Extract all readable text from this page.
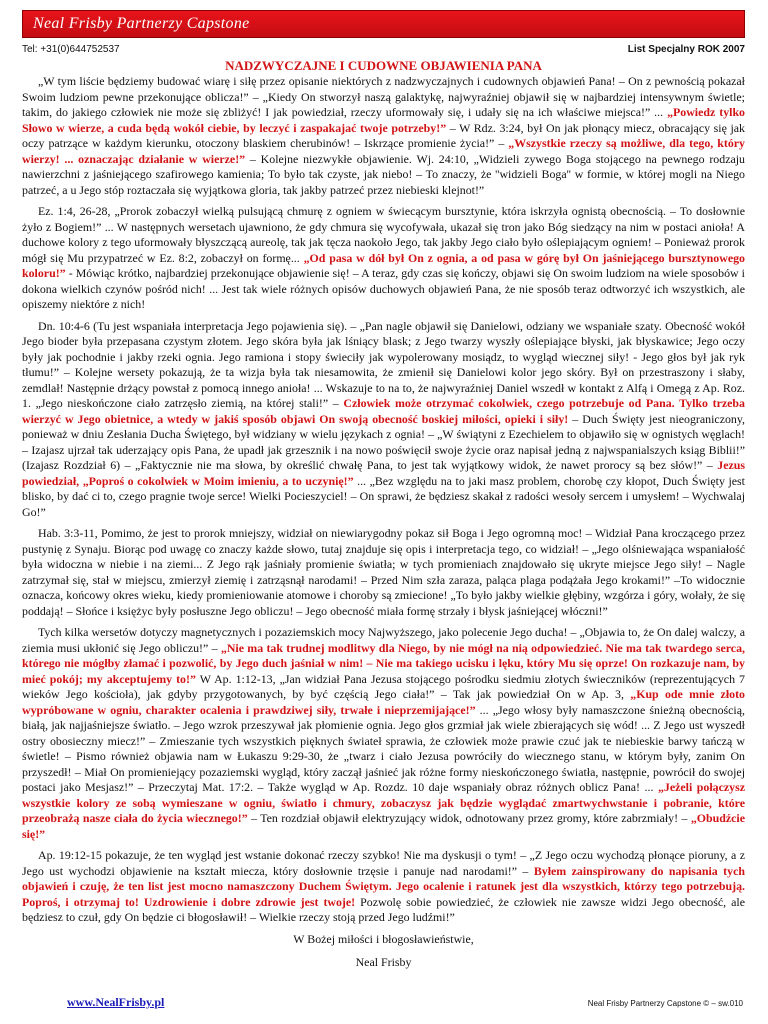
Neal Frisby Partnerzy Capstone
Tel: +31(0)644752537	List Specjalny ROK 2007
NADZWYCZAJNE I CUDOWNE OBJAWIENIA PANA

„W tym liście będziemy budować wiarę i siłę przez opisanie niektórych z nadzwyczajnych i cudownych objawień Pana! – On z pewnością pokazał Swoim ludziom pewne przekonujące oblicza!” – „Kiedy On stworzył naszą galaktykę, najwyraźniej objawił się w najbardziej intensywnym świetle; takim, do jakiego człowiek nie może się zbliżyć! I jak powiedział, rzeczy uformowały się, i udały się na ich właściwe miejsca!” ... „Powiedz tylko Słowo w wierze, a cuda będą wokół ciebie, by leczyć i zaspakajać twoje potrzeby!” – W Rdz. 3:24, był On jak płonący miecz, obracający się jak oczy patrzące w każdym kierunku, otoczony blaskiem cherubinów! – Iskrzące promienie życia!” – „Wszystkie rzeczy są możliwe, dla tego, który wierzy! ... oznaczając działanie w wierze!” – Kolejne niezwykłe objawienie. Wj. 24:10, „Widzieli zywego Boga stojącego na pewnego rodzaju nawierzchni z jaśniejącego szafirowego kamienia; To było tak czyste, jak niebo! – To znaczy, że ''widzieli Boga'' w formie, w której mogli na Niego patrzeć, a u Jego stóp roztaczała się wyjątkowa gloria, tak jakby patrzeć przez niebieski klejnot!”

Ez. 1:4, 26-28, „Prorok zobaczył wielką pulsującą chmurę z ogniem w świecącym bursztynie, która iskrzyła ognistą obecnością. – To dosłownie żyło z Bogiem!” ... W następnych wersetach ujawniono, że gdy chmura się wycofywała, ukazał się tron jako Bóg siedzący na nim w postaci anioła! A duchowe kolory z tego uformowały błyszczącą aureolę, tak jak tęcza naokoło Jego, tak jakby Jego ciało było oślepiającym ogniem! – Ponieważ prorok mógł się Mu przypatrzeć w Ez. 8:2, zobaczył on formę... „Od pasa w dół był On z ognia, a od pasa w górę był On jaśniejącego bursztynowego koloru!” - Mówiąc krótko, najbardziej przekonujące objawienie się! – A teraz, gdy czas się kończy, objawi się On swoim ludziom na wiele sposobów i dokona wielkich czynów pośród nich! ... Jest tak wiele różnych opisów duchowych objawień Pana, że nie sposób teraz odtworzyć ich wszystkich, ale opiszemy niektóre z nich!

Dn. 10:4-6 (Tu jest wspaniała interpretacja Jego pojawienia się). – „Pan nagle objawił się Danielowi, odziany we wspaniałe szaty. Obecność wokół Jego bioder była przepasana czystym złotem. Jego skóra była jak lśniący blask; z Jego twarzy wyszły oślepiające błyski, jak błyskawice; Jego oczy były jak pochodnie i jakby rzeki ognia. Jego ramiona i stopy świeciły jak wypolerowany mosiądz, to wygląd wiecznej siły! - Jego głos był jak ryk tłumu!” – Kolejne wersety pokazują, że ta wizja była tak niesamowita, że zmienił się Danielowi kolor jego skóry. Był on przestraszony i słaby, zemdlał! Następnie drżący powstał z pomocą innego anioła! ... Wskazuje to na to, że najwyraźniej Daniel wszedł w kontakt z Alfą i Omegą z Ap. Roz. 1. „Jego nieskończone ciało zatrzęsło ziemią, na której stali!” – Człowiek może otrzymać cokolwiek, czego potrzebuje od Pana. Tylko trzeba wierzyć w Jego obietnice, a wtedy w jakiś sposób objawi On swoją obecność boskiej miłości, opieki i siły! – Duch Święty jest nieograniczony, ponieważ w dniu Zesłania Ducha Świętego, był widziany w wielu językach z ognia! – „W świątyni z Ezechielem to objawiło się w ognistych węglach! – Izajasz ujrzał tak uderzający opis Pana, że upadł jak grzesznik i na nowo poświęcił swoje życie oraz napisał jedną z najwspanialszych ksiąg Biblii!” (Izajasz Rozdział 6) – „Faktycznie nie ma słowa, by określić chwałę Pana, to jest tak wyjątkowy widok, że nawet prorocy są bez słów!” – Jezus powiedział, „Poproś o cokolwiek w Moim imieniu, a to uczynię!” ... „Bez względu na to jaki masz problem, chorobę czy kłopot, Duch Święty jest blisko, by dać ci to, czego pragnie twoje serce! Wielki Pocieszyciel! – On sprawi, że będziesz skakał z radości wesoły sercem i umysłem! – Wychwalaj Go!”

Hab. 3:3-11, Pomimo, że jest to prorok mniejszy, widział on niewiarygodny pokaz sił Boga i Jego ogromną moc! – Widział Pana kroczącego przez pustynię z Synaju. Biorąc pod uwagę co znaczy każde słowo, tutaj znajduje się opis i interpretacja tego, co widział! – „Jego olśniewająca wspaniałość była widoczna w niebie i na ziemi... Z Jego rąk jaśniały promienie światła; w tych promieniach znajdowało się ukryte miejsce Jego siły! – Nagle zatrzymał się, stał w miejscu, zmierzył ziemię i zatrząsnął narodami! – Przed Nim szła zaraza, paląca plaga podążała Jego krokami!” –To widocznie oznacza, końcowy okres wieku, kiedy promieniowanie atomowe i choroby są zmiecione! „To było jakby wielkie głębiny, wzgórza i góry, wołały, że się poddają! – Słońce i księżyc były posłuszne Jego obliczu! – Jego obecność miała formę strzały i błysk jaśniejącej włóczni!”

Tych kilka wersetów dotyczy magnetycznych i pozaziemskich mocy Najwyższego, jako polecenie Jego ducha! – „Objawia to, że On dalej walczy, a ziemia musi ukłonić się Jego obliczu!” – „Nie ma tak trudnej modlitwy dla Niego, by nie mógł na nią odpowiedzieć. Nie ma tak twardego serca, którego nie mógłby złamać i pozwolić, by Jego duch jaśniał w nim! – Nie ma takiego ucisku i lęku, który Mu się oprze! On rozkazuje nam, by mieć pokój; my akceptujemy to!” W Ap. 1:12-13, „Jan widział Pana Jezusa stojącego pośrodku siedmiu złotych świeczników (reprezentujących 7 wieków Jego kościoła), jak gdyby przygotowanych, by być częścią Jego ciała!” – Tak jak powiedział On w Ap. 3, „Kup ode mnie złoto wypróbowane w ogniu, charakter ocalenia i prawdziwej siły, trwałe i nieprzemijające!” ... „Jego włosy były namaszczone śnieżną obecnością, białą, jak najjaśniejsze światło. – Jego wzrok przeszywał jak płomienie ognia. Jego głos grzmiał jak wiele zbierających się wód! ... Z Jego ust wyszedł ostry obosieczny miecz!” – Zmieszanie tych wszystkich pięknych świateł sprawia, że człowiek może prawie czuć jak te niebieskie barwy tańczą w świetle! – Pismo również objawia nam w Łukaszu 9:29-30, że „twarz i ciało Jezusa powróciły do wiecznego stanu, w którym były, zanim On przyszedł! – Miał On promieniejący pozaziemski wygląd, który zaczął jaśnieć jak różne formy nieskończonego światła, następnie, powrócił do swojej postaci jako Mesjasz!” – Przeczytaj Mat. 17:2. – Także wygląd w Ap. Rozdz. 10 daje wspaniały obraz różnych oblicz Pana! ... „Jeżeli połączysz wszystkie kolory ze sobą wymieszane w ogniu, światło i chmury, zobaczysz jak będzie wyglądać zmartwychwstanie i pobranie, które przeobrażą nasze ciała do życia wiecznego!” – Ten rozdział objawił elektryzujący widok, odnotowany przez gromy, które zabrzmiały! – „Obudźcie się!”

Ap. 19:12-15 pokazuje, że ten wygląd jest wstanie dokonać rzeczy szybko! Nie ma dyskusji o tym! – „Z Jego oczu wychodzą płonące pioruny, a z Jego ust wychodzi objawienie na kształt miecza, który dosłownie trzęsie i panuje nad narodami!” – Byłem zainspirowany do napisania tych objawień i czuję, że ten list jest mocno namaszczony Duchem Świętym. Jego ocalenie i ratunek jest dla wszystkich, którzy tego potrzebują. Poproś, i otrzymaj to! Uzdrowienie i dobre zdrowie jest twoje! Pozwolę sobie powiedzieć, że człowiek nie zawsze widzi Jego obecność, ale będziesz to czuł, gdy On będzie ci błogosławił! – Wielkie rzeczy stoją przed Jego ludźmi!”

W Bożej miłości i błogosławieństwie,
Neal Frisby
www.NealFrisby.pl	Neal Frisby Partnerzy Capstone © – sw.010
